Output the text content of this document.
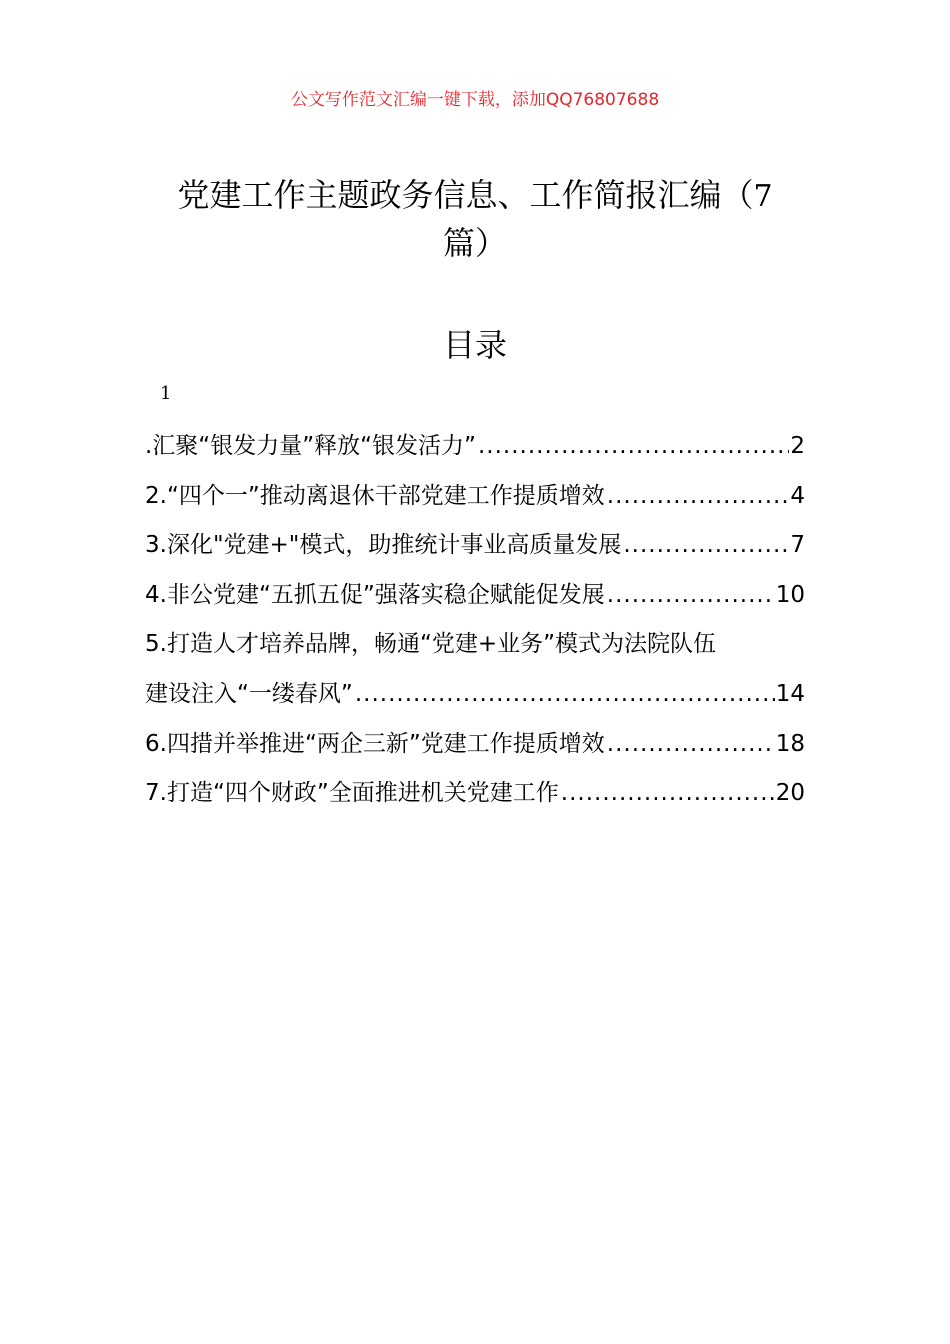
公文写作范文汇编一键下载，添加QQ76807688
党建工作主题政务信息、工作简报汇编（7
篇）
目录
1
.汇聚“银发力量”释放“银发活力” .....	2
2.“四个一”推动离退休干部党建工作提质增效 .....	4
3.深化"党建+"模式，助推统计事业高质量发展 .....	7
4.非公党建“五抓五促”强落实稳企赋能促发展 .....	10
5.打造人才培养品牌，畅通“党建+业务”模式为法院队伍
建设注入“一缕春风” .....	14
6.四措并举推进“两企三新”党建工作提质增效 .....	18
7.打造“四个财政”全面推进机关党建工作 .....	20
